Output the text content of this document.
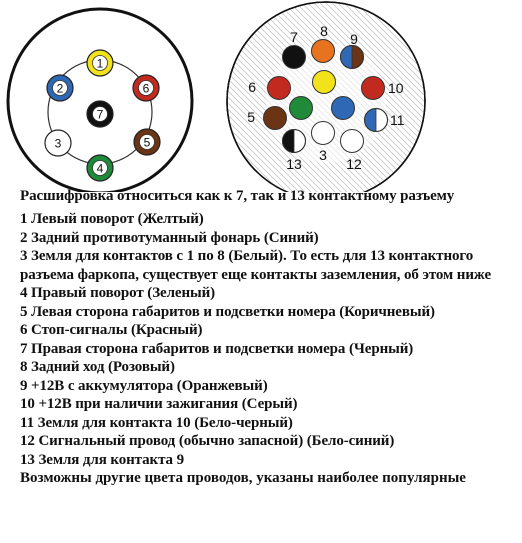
1
2
3
4
5
6
7
3
5
6
7 8 9
10
11
12
13
Расшифровка относиться как к 7, так и 13 контактному разъему
1 Левый поворот (Желтый)
2 Задний противотуманный фонарь (Синий)
3 Земля для контактов с 1 по 8 (Белый). То есть для 13 контактного разъема фаркопа, существует еще контакты заземления, об этом ниже
4 Правый поворот (Зеленый)
5 Левая сторона габаритов и подсветки номера (Коричневый)
6 Стоп-сигналы (Красный)
7 Правая сторона габаритов и подсветки номера (Черный)
8 Задний ход (Розовый)
9 +12В с аккумулятора (Оранжевый)
10 +12В при наличии зажигания (Серый)
11 Земля для контакта 10 (Бело-черный)
12 Сигнальный провод (обычно запасной) (Бело-синий)
13 Земля для контакта 9
Возможны другие цвета проводов, указаны наиболее популярные
